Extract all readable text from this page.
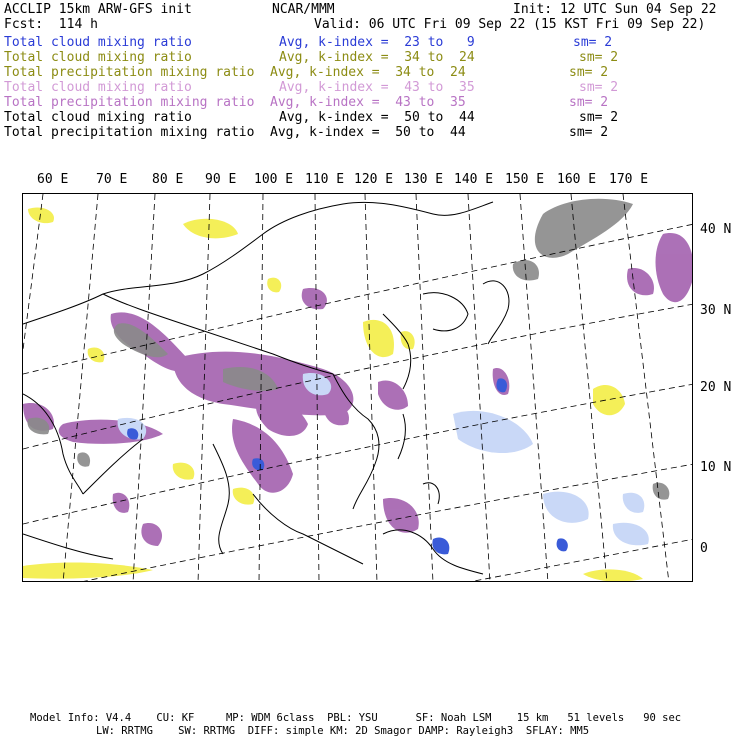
ACCLIP 15km ARW-GFS init	NCAR/MMM	Init: 12 UTC Sun 04 Sep 22
Fcst:  114 h	Valid: 06 UTC Fri 09 Sep 22 (15 KST Fri 09 Sep 22)
Total cloud mixing ratio	Avg, k-index =  23 to   9	sm= 2
Total cloud mixing ratio	Avg, k-index =  34 to  24	sm= 2
Total precipitation mixing ratio Avg, k-index =  34 to  24	sm= 2
Total cloud mixing ratio	Avg, k-index =  43 to  35	sm= 2
Total precipitation mixing ratio Avg, k-index =  43 to  35	sm= 2
Total cloud mixing ratio	Avg, k-index =  50 to  44	sm= 2
Total precipitation mixing ratio Avg, k-index =  50 to  44	sm= 2
60 E 70 E 80 E 90 E 100 E 110 E 120 E 130 E 140 E 150 E 160 E 170 E
40 N
30 N
20 N
10 N
0
Model Info: V4.4    CU: KF     MP: WDM 6class  PBL: YSU      SF: Noah LSM    15 km   51 levels   90 sec
LW: RRTMG    SW: RRTMG  DIFF: simple KM: 2D Smagor DAMP: Rayleigh3  SFLAY: MM5
